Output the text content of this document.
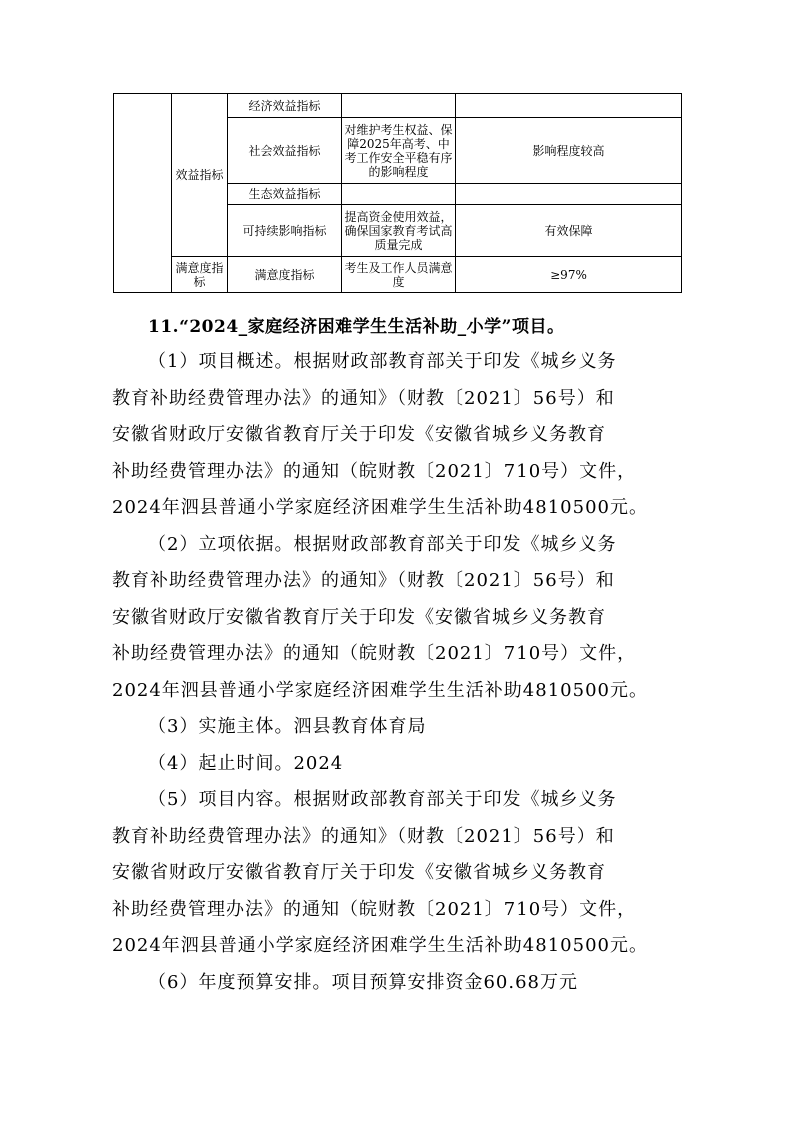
	效益指标	经济效益指标		
		社会效益指标	对维护考生权益、保障2025年高考、中考工作安全平稳有序的影响程度	影响程度较高
		生态效益指标		
		可持续影响指标	提高资金使用效益，确保国家教育考试高质量完成	有效保障
	满意度指标	满意度指标	考生及工作人员满意度	≥97%
11.“2024_家庭经济困难学生生活补助_小学”项目。

（1）项目概述。根据财政部教育部关于印发《城乡义务

教育补助经费管理办法》的通知》（财教〔2021〕56号）和

安徽省财政厅安徽省教育厅关于印发《安徽省城乡义务教育

补助经费管理办法》的通知（皖财教〔2021〕710号）文件，

2024年泗县普通小学家庭经济困难学生生活补助4810500元。

（2）立项依据。根据财政部教育部关于印发《城乡义务

教育补助经费管理办法》的通知》（财教〔2021〕56号）和

安徽省财政厅安徽省教育厅关于印发《安徽省城乡义务教育

补助经费管理办法》的通知（皖财教〔2021〕710号）文件，

2024年泗县普通小学家庭经济困难学生生活补助4810500元。

（3）实施主体。泗县教育体育局

（4）起止时间。2024

（5）项目内容。根据财政部教育部关于印发《城乡义务

教育补助经费管理办法》的通知》（财教〔2021〕56号）和

安徽省财政厅安徽省教育厅关于印发《安徽省城乡义务教育

补助经费管理办法》的通知（皖财教〔2021〕710号）文件，

2024年泗县普通小学家庭经济困难学生生活补助4810500元。

（6）年度预算安排。项目预算安排资金60.68万元
